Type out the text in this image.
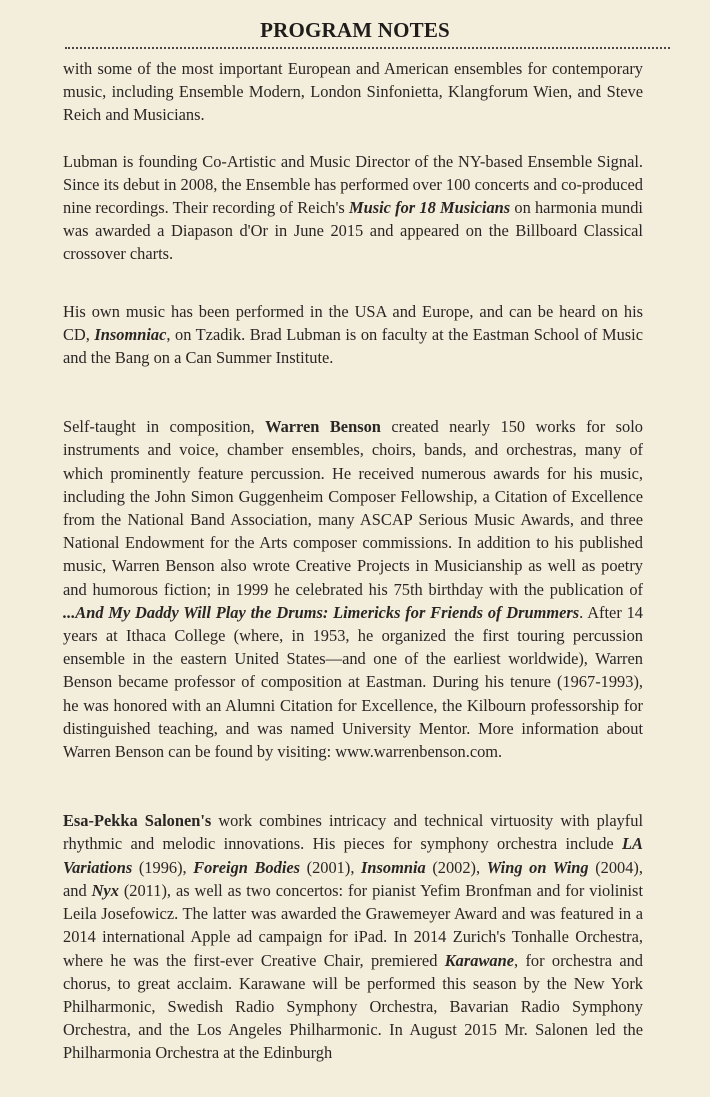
PROGRAM NOTES

with some of the most important European and American ensembles for contemporary music, including Ensemble Modern, London Sinfonietta, Klangforum Wien, and Steve Reich and Musicians.

Lubman is founding Co-Artistic and Music Director of the NY-based Ensemble Signal. Since its debut in 2008, the Ensemble has performed over 100 concerts and co-produced nine recordings. Their recording of Reich's Music for 18 Musicians on harmonia mundi was awarded a Diapason d'Or in June 2015 and appeared on the Billboard Classical crossover charts.

His own music has been performed in the USA and Europe, and can be heard on his CD, Insomniac, on Tzadik. Brad Lubman is on faculty at the Eastman School of Music and the Bang on a Can Summer Institute.

Self-taught in composition, Warren Benson created nearly 150 works for solo instruments and voice, chamber ensembles, choirs, bands, and orchestras, many of which prominently feature percussion. He received numerous awards for his music, including the John Simon Guggenheim Composer Fellowship, a Citation of Excellence from the National Band Association, many ASCAP Serious Music Awards, and three National Endowment for the Arts composer commissions. In addition to his published music, Warren Benson also wrote Creative Projects in Musicianship as well as poetry and humorous fiction; in 1999 he celebrated his 75th birthday with the publication of ...And My Daddy Will Play the Drums: Limericks for Friends of Drummers. After 14 years at Ithaca College (where, in 1953, he organized the first touring percussion ensemble in the eastern United States—and one of the earliest worldwide), Warren Benson became professor of composition at Eastman. During his tenure (1967-1993), he was honored with an Alumni Citation for Excellence, the Kilbourn professorship for distinguished teaching, and was named University Mentor. More information about Warren Benson can be found by visiting: www.warrenbenson.com.

Esa-Pekka Salonen's work combines intricacy and technical virtuosity with playful rhythmic and melodic innovations. His pieces for symphony orchestra include LA Variations (1996), Foreign Bodies (2001), Insomnia (2002), Wing on Wing (2004), and Nyx (2011), as well as two concertos: for pianist Yefim Bronfman and for violinist Leila Josefowicz. The latter was awarded the Grawemeyer Award and was featured in a 2014 international Apple ad campaign for iPad. In 2014 Zurich's Tonhalle Orchestra, where he was the first-ever Creative Chair, premiered Karawane, for orchestra and chorus, to great acclaim. Karawane will be performed this season by the New York Philharmonic, Swedish Radio Symphony Orchestra, Bavarian Radio Symphony Orchestra, and the Los Angeles Philharmonic. In August 2015 Mr. Salonen led the Philharmonia Orchestra at the Edinburgh
